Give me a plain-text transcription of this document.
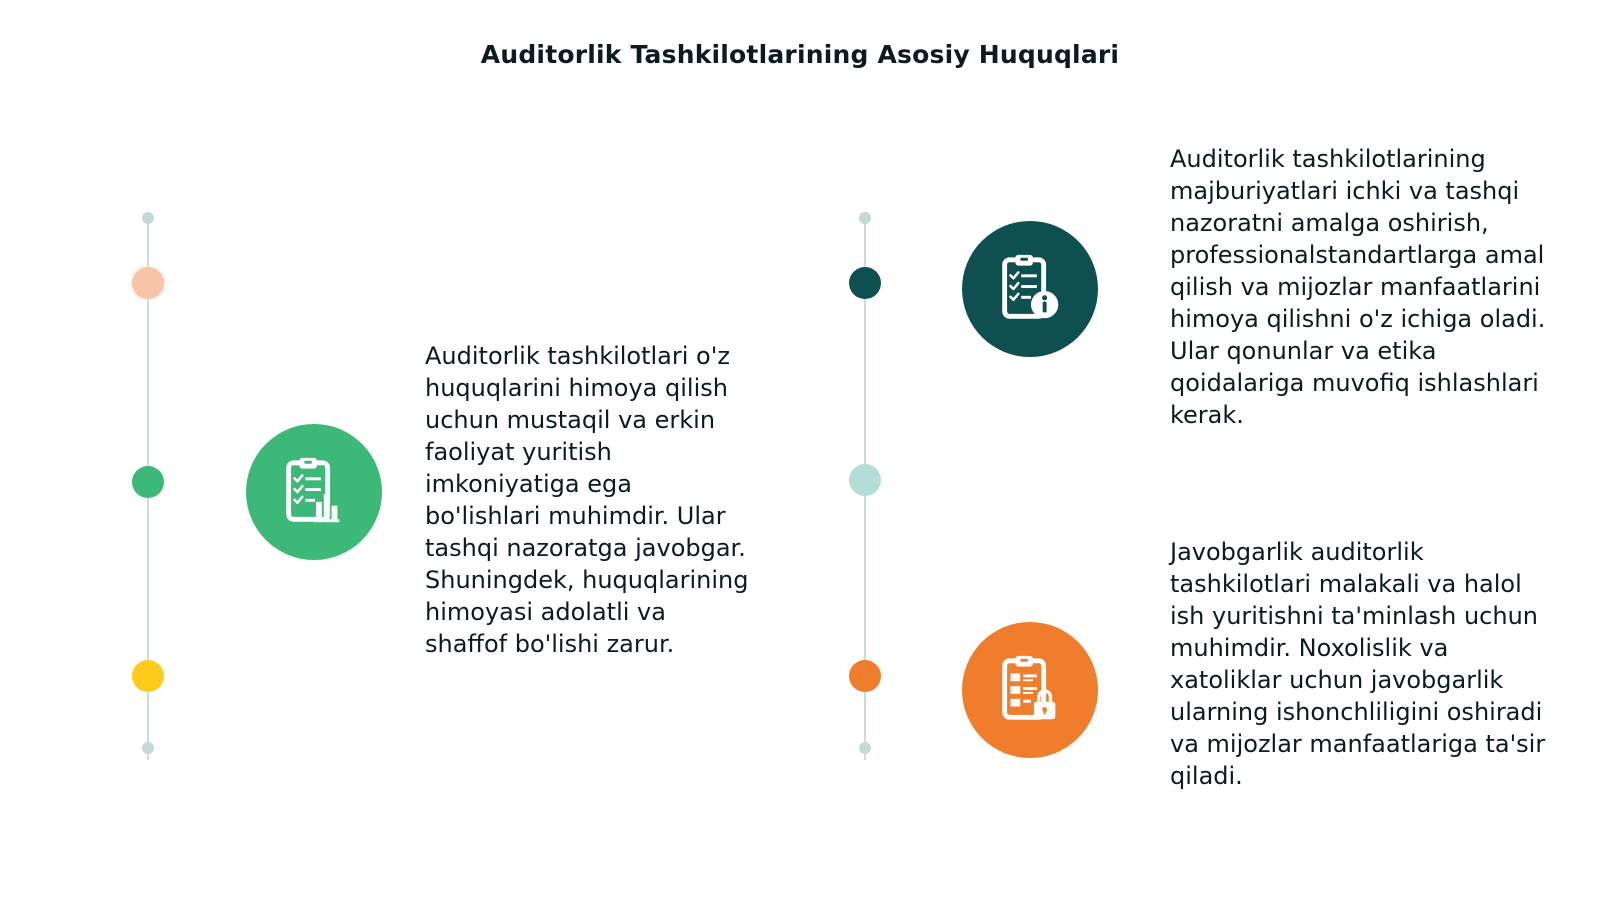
Auditorlik Tashkilotlarining Asosiy Huquqlari
Auditorlik tashkilotlari o'z huquqlarini himoya qilish uchun mustaqil va erkin faoliyat yuritish imkoniyatiga ega bo'lishlari muhimdir. Ular tashqi nazoratga javobgar. Shuningdek, huquqlarining himoyasi adolatli va shaffof bo'lishi zarur.
Auditorlik tashkilotlarining majburiyatlari ichki va tashqi nazoratni amalga oshirish, professionalstandartlarga amal qilish va mijozlar manfaatlarini himoya qilishni o'z ichiga oladi. Ular qonunlar va etika qoidalariga muvofiq ishlashlari kerak.
Javobgarlik auditorlik tashkilotlari malakali va halol ish yuritishni ta'minlash uchun muhimdir. Noxolislik va xatoliklar uchun javobgarlik ularning ishonchliligini oshiradi va mijozlar manfaatlariga ta'sir qiladi.
